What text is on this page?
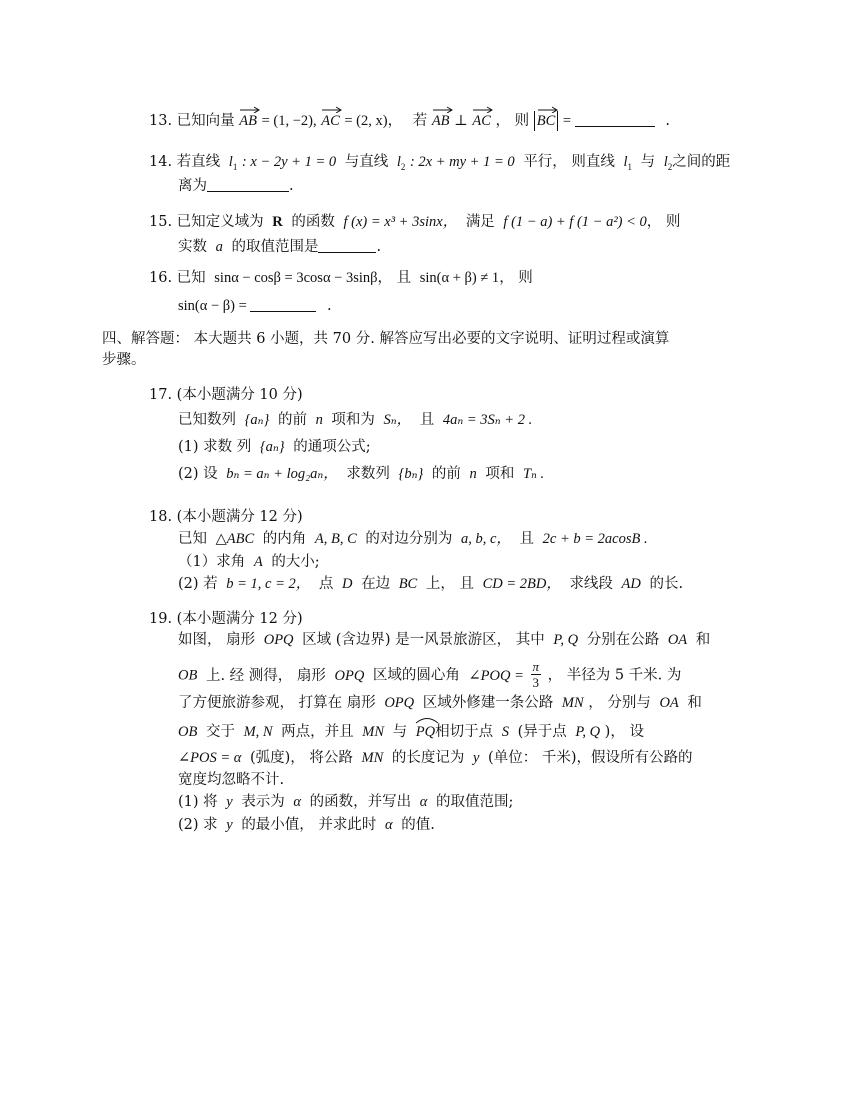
13. 已知向量 AB = (1, −2), AC = (2, x)， 若 AB ⊥ AC ， 则 BC =	.
14. 若直线 $l_1$ : x − 2y + 1 = 0 与直线 $l_2$ : 2x + my + 1 = 0 平行， 则直线 $l_1$ 与 $l_2$之间的距
离为	.
15. 已知定义域为 R 的函数 f (x) = x³ + 3sinx， 满足 f (1 − a) + f (1 − a²) < 0， 则
实数 a 的取值范围是	.
16. 已知 sinα − cosβ = 3cosα − 3sinβ， 且 sin(α + β) ≠ 1， 则
sin(α − β) =	.
四、解答题： 本大题共 6 小题，共 70 分. 解答应写出必要的文字说明、证明过程或演算
步骤。
17. (本小题满分 10 分)
已知数列 {aₙ} 的前 n 项和为 Sₙ， 且 4aₙ = 3Sₙ + 2 .
(1) 求数 列 {aₙ} 的通项公式;
(2) 设 bₙ = aₙ + log₂aₙ， 求数列 {bₙ} 的前 n 项和 Tₙ .
18. (本小题满分 12 分)
已知 △ABC 的内角 A, B, C 的对边分别为 a, b, c， 且 2c + b = 2acosB .
（1）求角 A 的大小;
(2) 若 b = 1, c = 2， 点 D 在边 BC 上， 且 CD = 2BD， 求线段 AD 的长.
19. (本小题满分 12 分)
如图， 扇形 OPQ 区域 (含边界) 是一风景旅游区， 其中 P, Q 分别在公路 OA 和
OB 上. 经 测得， 扇形 OPQ 区域的圆心角 ∠POQ = $\frac{\pi}{3}$ ， 半径为 5 千米. 为
了方便旅游参观， 打算在 扇形 OPQ 区域外修建一条公路 MN ， 分别与 OA 和
OB 交于 M, N 两点，并且 MN 与 PQ相切于点 S (异于点 P, Q )， 设
∠POS = α (弧度)， 将公路 MN 的长度记为 y (单位： 千米)，假设所有公路的
宽度均忽略不计.
(1) 将 y 表示为 α 的函数，并写出 α 的取值范围;
(2) 求 y 的最小值， 并求此时 α 的值.
